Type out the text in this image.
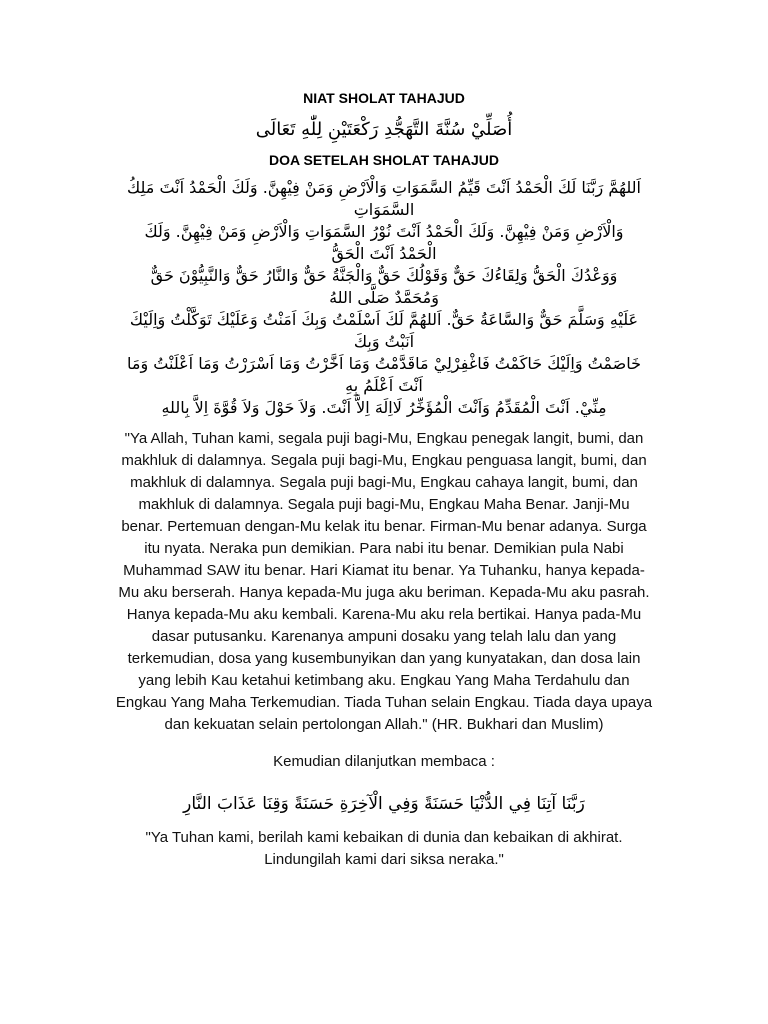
NIAT SHOLAT TAHAJUD
أُصَلِّيْ سُنَّةَ التَّهَجُّدِ رَكْعَتَيْنِ لِلّٰهِ تَعَالَى
DOA SETELAH SHOLAT TAHAJUD
اَللهُمَّ رَبَّنَا لَكَ الْحَمْدُ اَنْتَ قَيِّمُ السَّمَوَاتِ وَالْاَرْضِ وَمَنْ فِيْهِنَّ. وَلَكَ الْحَمْدُ اَنْتَ مَلِكُ
السَّمَوَاتِ
وَالْاَرْضِ وَمَنْ فِيْهِنَّ. وَلَكَ الْحَمْدُ اَنْتَ نُوْرُ السَّمَوَاتِ وَالْاَرْضِ وَمَنْ فِيْهِنَّ. وَلَكَ
الْحَمْدُ اَنْتَ الْحَقُّ
وَوَعْدُكَ الْحَقُّ وَلِقَاءُكَ حَقٌّ وَقَوْلُكَ حَقٌّ وَالْجَنَّةُ حَقٌّ وَالنَّارُ حَقٌّ وَالنَّبِيُّوْنَ حَقٌّ
وَمُحَمَّدٌ صَلَّى اللهُ
عَلَيْهِ وَسَلَّمَ حَقٌّ وَالسَّاعَةُ حَقٌّ. اَللهُمَّ لَكَ اَسْلَمْتُ وَبِكَ اَمَنْتُ وَعَلَيْكَ تَوَكَّلْتُ وَاِلَيْكَ
اَنَبْتُ وَبِكَ
خَاصَمْتُ وَاِلَيْكَ حَاكَمْتُ فَاغْفِرْلِيْ مَاقَدَّمْتُ وَمَا اَخَّرْتُ وَمَا اَسْرَرْتُ وَمَا اَعْلَنْتُ وَمَا
اَنْتَ اَعْلَمُ بِهِ
مِنِّيْ. اَنْتَ الْمُقَدِّمُ وَاَنْتَ الْمُؤَخِّرُ لَااِلَهَ اِلاَّ اَنْتَ. وَلاَ حَوْلَ وَلاَ قُوَّةَ اِلاَّ بِاللهِ
"Ya Allah, Tuhan kami, segala puji bagi-Mu, Engkau penegak langit, bumi, dan
makhluk di dalamnya. Segala puji bagi-Mu, Engkau penguasa langit, bumi, dan
makhluk di dalamnya. Segala puji bagi-Mu, Engkau cahaya langit, bumi, dan
makhluk di dalamnya. Segala puji bagi-Mu, Engkau Maha Benar. Janji-Mu
benar. Pertemuan dengan-Mu kelak itu benar. Firman-Mu benar adanya. Surga
itu nyata. Neraka pun demikian. Para nabi itu benar. Demikian pula Nabi
Muhammad SAW itu benar. Hari Kiamat itu benar. Ya Tuhanku, hanya kepada-
Mu aku berserah. Hanya kepada-Mu juga aku beriman. Kepada-Mu aku pasrah.
Hanya kepada-Mu aku kembali. Karena-Mu aku rela bertikai. Hanya pada-Mu
dasar putusanku. Karenanya ampuni dosaku yang telah lalu dan yang
terkemudian, dosa yang kusembunyikan dan yang kunyatakan, dan dosa lain
yang lebih Kau ketahui ketimbang aku. Engkau Yang Maha Terdahulu dan
Engkau Yang Maha Terkemudian. Tiada Tuhan selain Engkau. Tiada daya upaya
dan kekuatan selain pertolongan Allah." (HR. Bukhari dan Muslim)
Kemudian dilanjutkan membaca :
رَبَّنَا آتِنَا فِي الدُّنْيَا حَسَنَةً وَفِي الْآخِرَةِ حَسَنَةً وَقِنَا عَذَابَ النَّارِ
"Ya Tuhan kami, berilah kami kebaikan di dunia dan kebaikan di akhirat.
Lindungilah kami dari siksa neraka."
